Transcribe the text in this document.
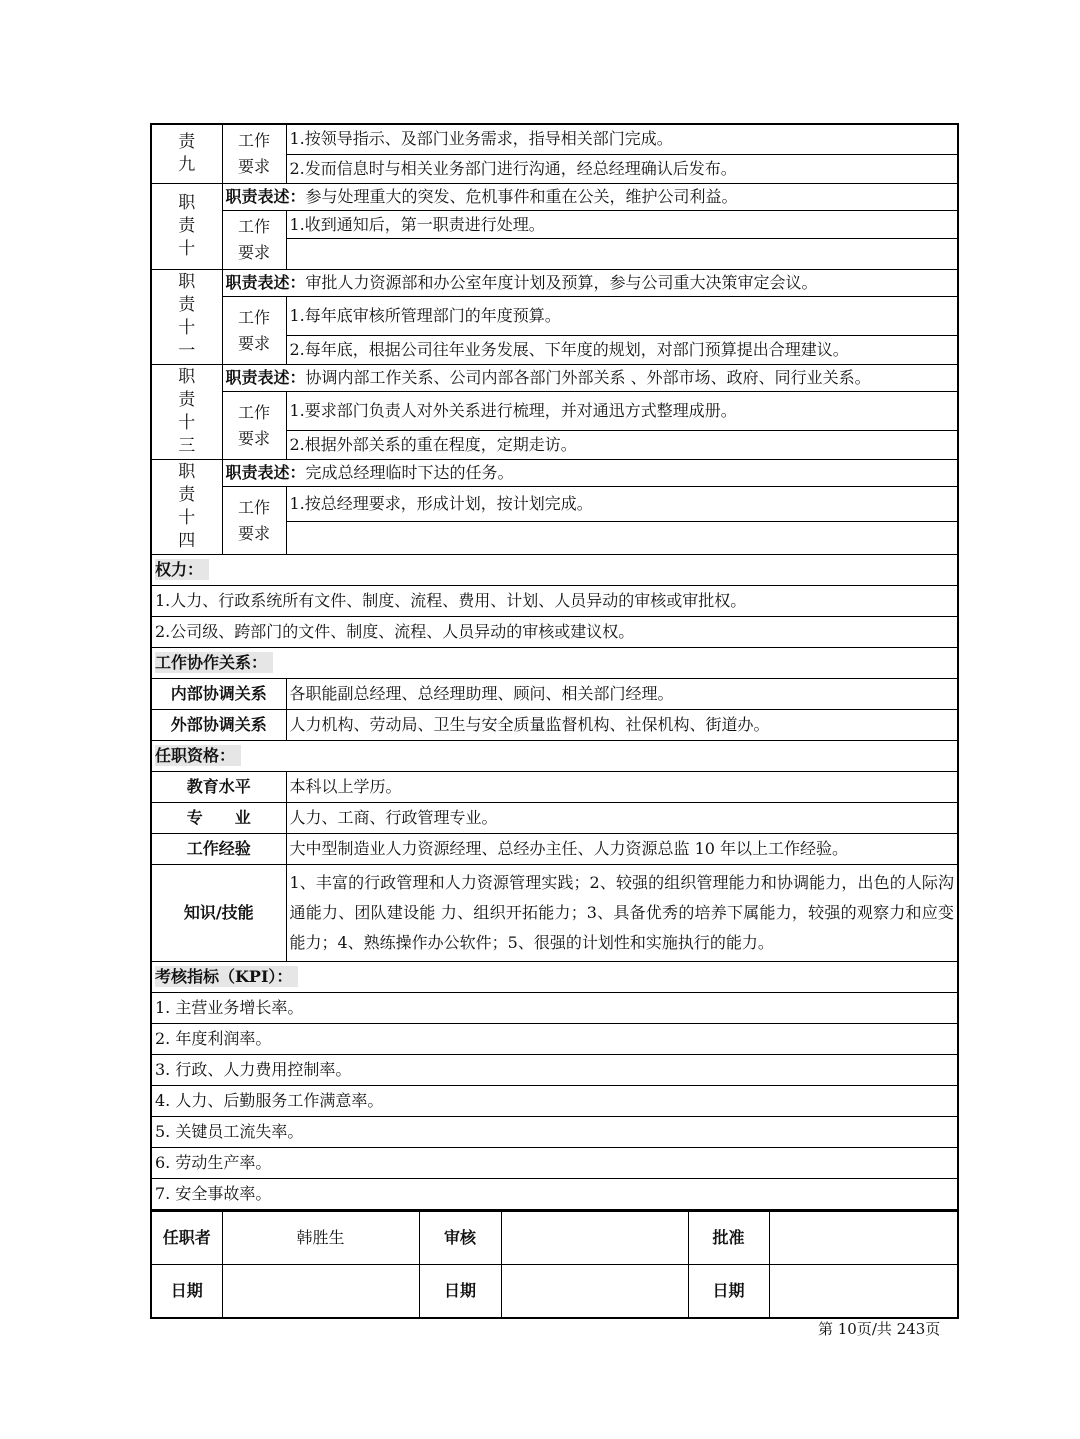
责
九	工作要求	1.按领导指示、及部门业务需求，指导相关部门完成。
		2.发而信息时与相关业务部门进行沟通，经总经理确认后发布。

职
责
十	职责表述：参与处理重大的突发、危机事件和重在公关，维护公司利益。	

	工作要求	1.收到通知后，第一职责进行处理。

职
责
十
一	职责表述：审批人力资源部和办公室年度计划及预算，参与公司重大决策审定会议。	

	工作要求	1.每年底审核所管理部门的年度预算。
		2.每年底，根据公司往年业务发展、下年度的规划，对部门预算提出合理建议。

职
责
十
三	职责表述：协调内部工作关系、公司内部各部门外部关系 、外部市场、政府、同行业关系。	

	工作要求	1.要求部门负责人对外关系进行梳理，并对通迅方式整理成册。
		2.根据外部关系的重在程度，定期走访。

职
责
十
四	职责表述：完成总经理临时下达的任务。	

	工作要求	1.按总经理要求，形成计划，按计划完成。

权力：		
1.人力、行政系统所有文件、制度、流程、费用、计划、人员异动的审核或审批权。		
2.公司级、跨部门的文件、制度、流程、人员异动的审核或建议权。		
工作协作关系：		
内部协调关系		各职能副总经理、总经理助理、顾问、相关部门经理。
外部协调关系		人力机构、劳动局、卫生与安全质量监督机构、社保机构、街道办。
任职资格：		
教育水平		本科以上学历。
专　　业		人力、工商、行政管理专业。
工作经验		大中型制造业人力资源经理、总经办主任、人力资源总监 10 年以上工作经验。
知识/技能		1、丰富的行政管理和人力资源管理实践；2、较强的组织管理能力和协调能力，出色的人际沟通能力、团队建设能 力、组织开拓能力；3、具备优秀的培养下属能力，较强的观察力和应变能力；4、熟练操作办公软件；5、很强的计划性和实施执行的能力。
考核指标（KPI）：		
1. 主营业务增长率。		
2. 年度利润率。		
3. 行政、人力费用控制率。		
4. 人力、后勤服务工作满意率。		
5. 关键员工流失率。		
6. 劳动生产率。		
7. 安全事故率。		
任职者	韩胜生	审核		批准	
日期		日期		日期	
第 10页/共 243页
